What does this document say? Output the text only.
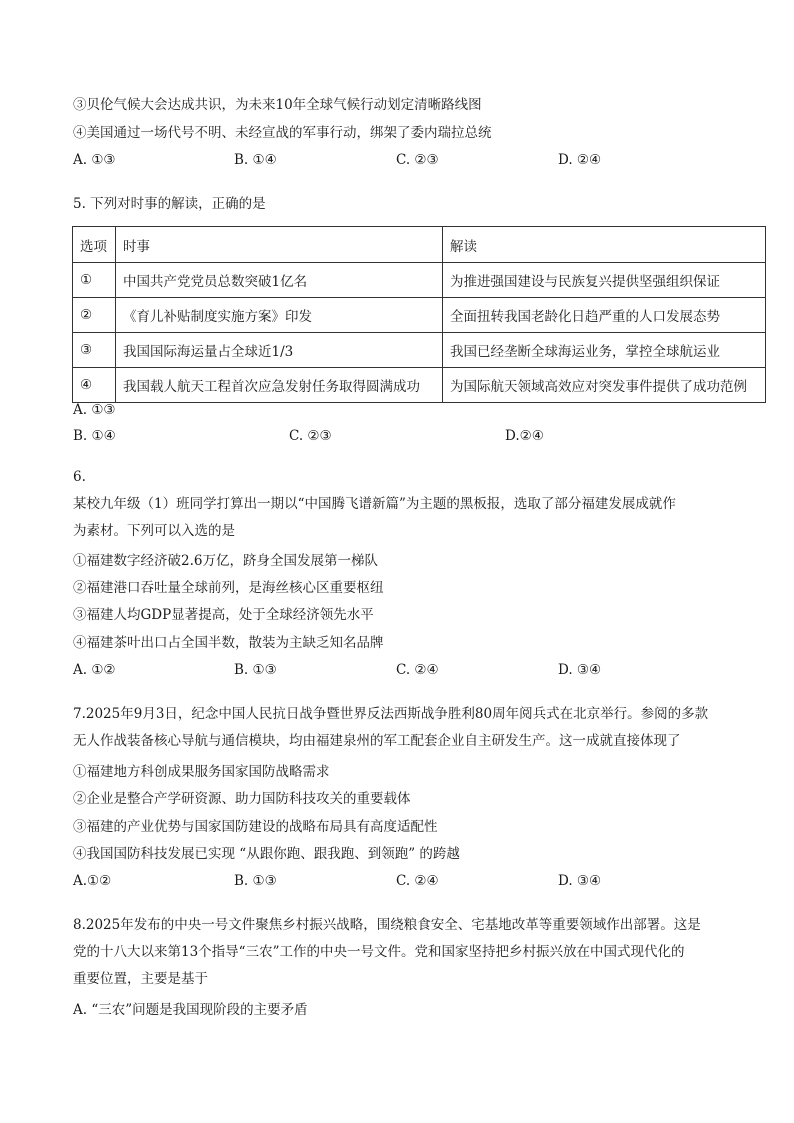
③贝伦气候大会达成共识，为未来10年全球气候行动划定清晰路线图
④美国通过一场代号不明、未经宣战的军事行动，绑架了委内瑞拉总统
A. ①③	B. ①④	C. ②③	D. ②④
5. 下列对时事的解读，正确的是
选项	时事	解读
①	中国共产党党员总数突破1亿名	为推进强国建设与民族复兴提供坚强组织保证
②	《育儿补贴制度实施方案》印发	全面扭转我国老龄化日趋严重的人口发展态势
③	我国国际海运量占全球近1/3	我国已经垄断全球海运业务，掌控全球航运业
④	我国载人航天工程首次应急发射任务取得圆满成功	为国际航天领域高效应对突发事件提供了成功范例
A. ①③
B. ①④	C. ②③	D.②④
6.
某校九年级（1）班同学打算出一期以“中国腾飞谱新篇”为主题的黑板报，选取了部分福建发展成就作
为素材。下列可以入选的是
①福建数字经济破2.6万亿，跻身全国发展第一梯队
②福建港口吞吐量全球前列，是海丝核心区重要枢纽
③福建人均GDP显著提高，处于全球经济领先水平
④福建茶叶出口占全国半数，散装为主缺乏知名品牌
A. ①②	B. ①③	C. ②④	D. ③④
7.2025年9月3日，纪念中国人民抗日战争暨世界反法西斯战争胜利80周年阅兵式在北京举行。参阅的多款
无人作战装备核心导航与通信模块，均由福建泉州的军工配套企业自主研发生产。这一成就直接体现了
①福建地方科创成果服务国家国防战略需求
②企业是整合产学研资源、助力国防科技攻关的重要载体
③福建的产业优势与国家国防建设的战略布局具有高度适配性
④我国国防科技发展已实现 “从跟你跑、跟我跑、到领跑” 的跨越
A.①②	B. ①③	C. ②④	D. ③④
8.2025年发布的中央一号文件聚焦乡村振兴战略，围绕粮食安全、宅基地改革等重要领域作出部署。这是
党的十八大以来第13个指导“三农”工作的中央一号文件。党和国家坚持把乡村振兴放在中国式现代化的
重要位置，主要是基于
A. “三农”问题是我国现阶段的主要矛盾
